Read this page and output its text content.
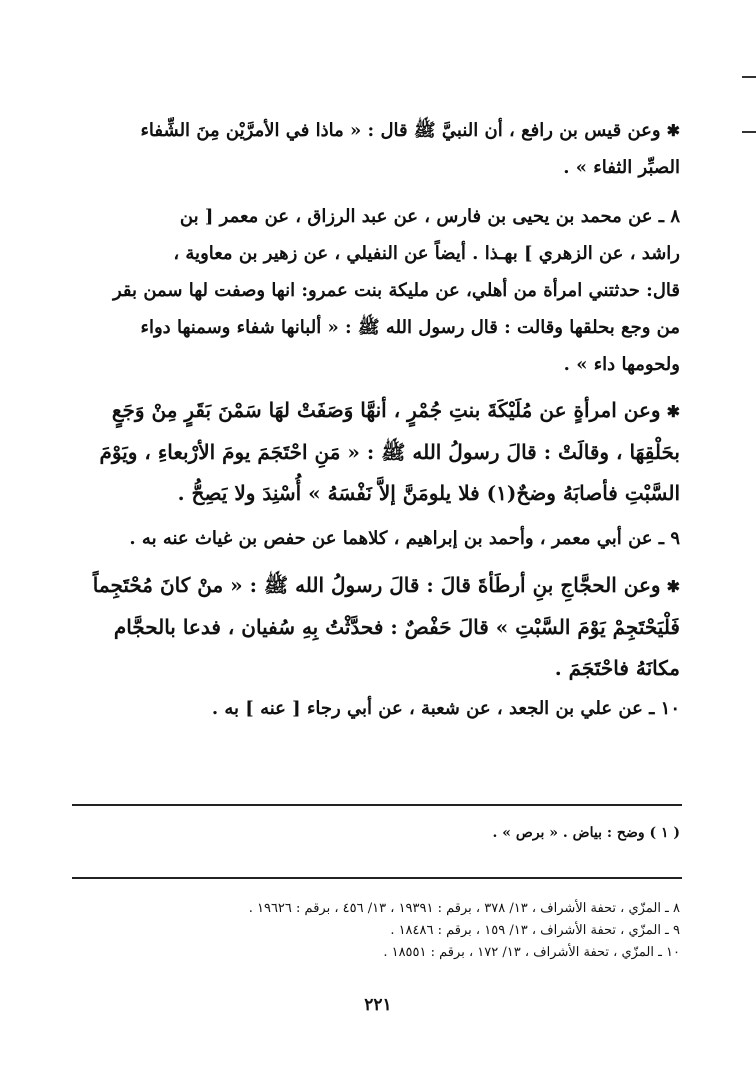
✱وعن قيس بن رافع ، أن النبيَّ ﷺ قال : « ماذا في الأمرَّيْن مِنَ الشِّفاء
الصبِّر الثفاء » .
٨ ـ عن محمد بن يحيى بن فارس ، عن عبد الرزاق ، عن معمر [ بن
راشد ، عن الزهري ] بهـذا . أيضاً عن النفيلي ، عن زهير بن معاوية ،
قال: حدثتني امرأة من أهلي، عن مليكة بنت عمرو: انها وصفت لها سمن بقر
من وجع بحلقها وقالت : قال رسول الله ﷺ : « ألبانها شفاء وسمنها دواء
ولحومها داء » .
✱وعن امرأةٍ عن مُلَيْكَةَ بنتِ جُمْرٍ ، أنهَّا وَصَفَتْ لهَا سَمْنَ بَقَرٍ مِنْ وَجَعٍ
بحَلْقِهَا ، وقالَتْ : قالَ رسولُ الله ﷺ : « مَنِ احْتَجَمَ يومَ الأرْبعاءِ ، ويَوْمَ
السَّبْتِ فأصابَهُ وضحٌ(١) فلا يلومَنَّ إلاَّ نَفْسَهُ » أُسْنِدَ ولا يَصِحُّ .
٩ ـ عن أبي معمر ، وأحمد بن إبراهيم ، كلاهما عن حفص بن غياث عنه به .
✱وعن الحجَّاجِ بنِ أرطَأةَ قالَ : قالَ رسولُ الله ﷺ : « منْ كانَ مُحْتَجِماً
فَلْيَحْتَجِمْ يَوْمَ السَّبْتِ » قالَ حَفْصٌ : فحدَّثْتُ بِهِ سُفيان ، فدعا بالحجَّام
مكانَهُ فاحْتَجَمَ .
١٠ ـ عن علي بن الجعد ، عن شعبة ، عن أبي رجاء [ عنه ] به .
( ١ ) وضح : بياض . « برص » .
٨ ـ المزّي ، تحفة الأشراف ، ١٣/ ٣٧٨ ، برقم : ١٩٣٩١ ، ١٣/ ٤٥٦ ، برقم : ١٩٦٢٦ .
٩ ـ المزّي ، تحفة الأشراف ، ١٣/ ١٥٩ ، برقم : ١٨٤٨٦ .
١٠ ـ المزّي ، تحفة الأشراف ، ١٣/ ١٧٢ ، برقم : ١٨٥٥١ .
٢٢١
